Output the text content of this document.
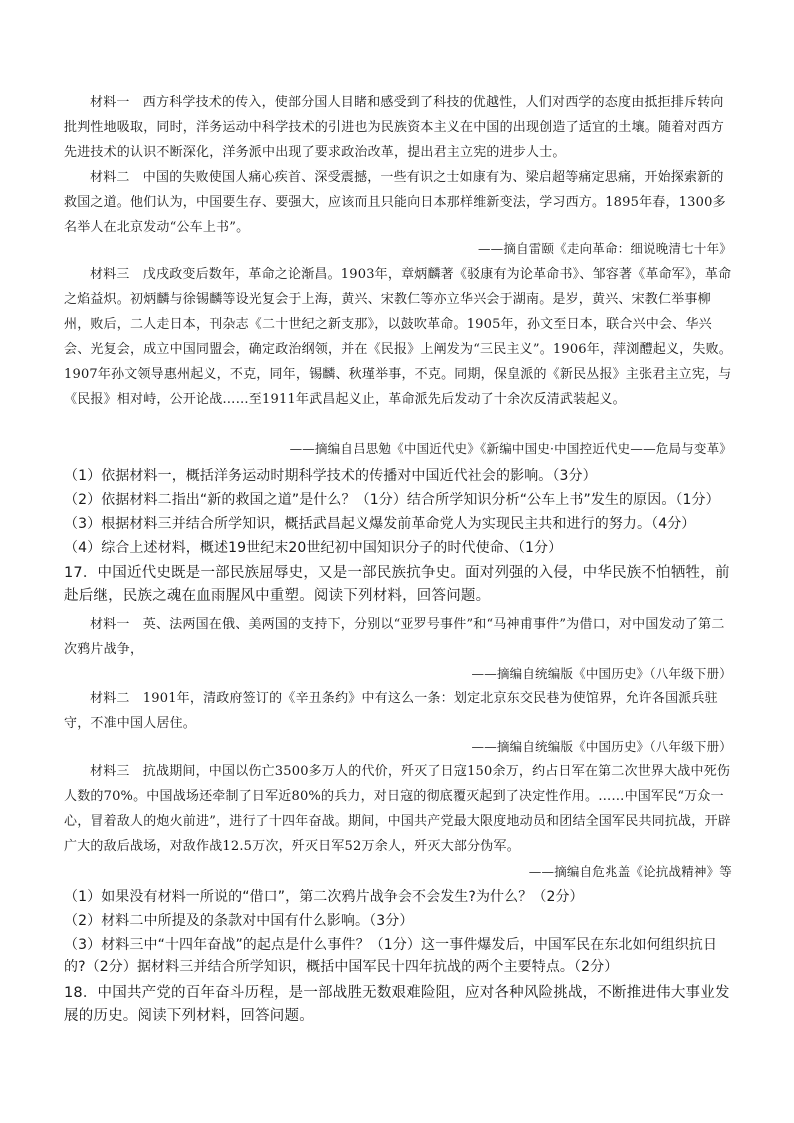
材料一　西方科学技术的传入，使部分国人目睹和感受到了科技的优越性，人们对西学的态度由抵拒排斥转向批判性地吸取，同时，洋务运动中科学技术的引进也为民族资本主义在中国的出现创造了适宜的土壤。随着对西方先进技术的认识不断深化，洋务派中出现了要求政治改革，提出君主立宪的进步人士。

材料二　中国的失败使国人痛心疾首、深受震撼，一些有识之士如康有为、梁启超等痛定思痛，开始探索新的救国之道。他们认为，中国要生存、要强大，应该而且只能向日本那样维新变法，学习西方。1895年春，1300多名举人在北京发动“公车上书”。

——摘自雷颐《走向革命：细说晚清七十年》

材料三　戊戌政变后数年，革命之论渐昌。1903年，章炳麟著《驳康有为论革命书》、邹容著《革命军》，革命之焰益炽。初炳麟与徐锡麟等设光复会于上海，黄兴、宋教仁等亦立华兴会于湖南。是岁，黄兴、宋教仁举事柳州，败后，二人走日本，刊杂志《二十世纪之新支那》，以鼓吹革命。1905年，孙文至日本，联合兴中会、华兴会、光复会，成立中国同盟会，确定政治纲领，并在《民报》上阐发为“三民主义”。1906年，萍浏醴起义，失败。1907年孙文领导惠州起义，不克，同年，锡麟、秋瑾举事，不克。同期，保皇派的《新民丛报》主张君主立宪，与《民报》相对峙，公开论战……至1911年武昌起义止，革命派先后发动了十余次反清武装起义。

——摘编自吕思勉《中国近代史》《新编中国史·中国控近代史——危局与变革》

（1）依据材料一，概括洋务运动时期科学技术的传播对中国近代社会的影响。（3分）

（2）依据材料二指出“新的救国之道”是什么？（1分）结合所学知识分析“公车上书”发生的原因。（1分）

（3）根据材料三并结合所学知识，概括武昌起义爆发前革命党人为实现民主共和进行的努力。（4分）

（4）综合上述材料，概述19世纪末20世纪初中国知识分子的时代使命、（1分）

17．中国近代史既是一部民族屈辱史，又是一部民族抗争史。面对列强的入侵，中华民族不怕牺牲，前赴后继，民族之魂在血雨腥风中重塑。阅读下列材料，回答问题。

材料一　英、法两国在俄、美两国的支持下，分别以“亚罗号事件”和“马神甫事件”为借口，对中国发动了第二次鸦片战争，

——摘编自统编版《中国历史》（八年级下册）

材料二　1901年，清政府签订的《辛丑条约》中有这么一条：划定北京东交民巷为使馆界，允许各国派兵驻守，不准中国人居住。

——摘编自统编版《中国历史》（八年级下册）

材料三　抗战期间，中国以伤亡3500多万人的代价，歼灭了日寇150余万，约占日军在第二次世界大战中死伤人数的70%。中国战场还牵制了日军近80%的兵力，对日寇的彻底覆灭起到了决定性作用。……中国军民“万众一心，冒着敌人的炮火前进”，进行了十四年奋战。期间，中国共产党最大限度地动员和团结全国军民共同抗战，开辟广大的敌后战场，对敌作战12.5万次，歼灭日军52万余人，歼灭大部分伪军。

——摘编自危兆盖《论抗战精神》等

（1）如果没有材料一所说的“借口”，第二次鸦片战争会不会发生?为什么？（2分）

（2）材料二中所提及的条款对中国有什么影响。（3分）

（3）材料三中“十四年奋战”的起点是什么事件？（1分）这一事件爆发后，中国军民在东北如何组织抗日的?（2分）据材料三并结合所学知识，概括中国军民十四年抗战的两个主要特点。（2分）

18．中国共产党的百年奋斗历程，是一部战胜无数艰难险阻，应对各种风险挑战，不断推进伟大事业发展的历史。阅读下列材料，回答问题。
